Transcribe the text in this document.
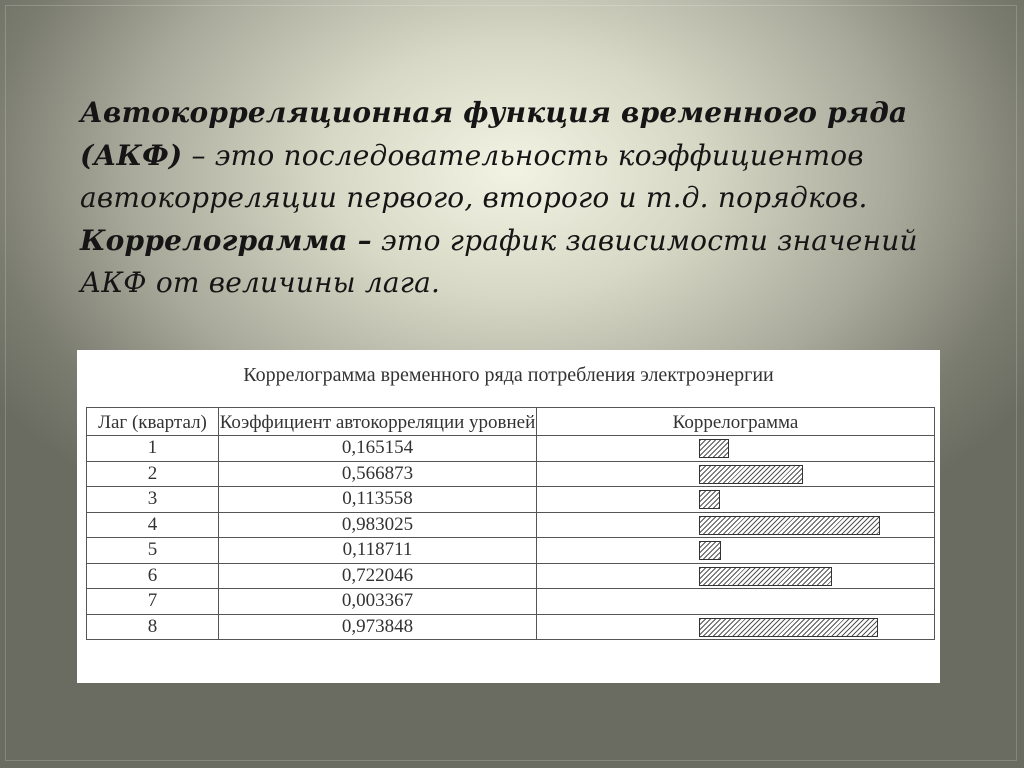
Автокорреляционная функция временного ряда (АКФ) – это последовательность коэффициентов автокорреляции первого, второго и т.д. порядков.

Коррелограмма – это график зависимости значений АКФ от величины лага.

Коррелограмма временного ряда потребления электроэнергии
Лаг (квартал)	Коэффициент автокорреляции уровней	Коррелограмма
1	0,165154	

2	0,566873	

3	0,113558	

4	0,983025	

5	0,118711	

6	0,722046	

7	0,003367	
8	0,973848	
